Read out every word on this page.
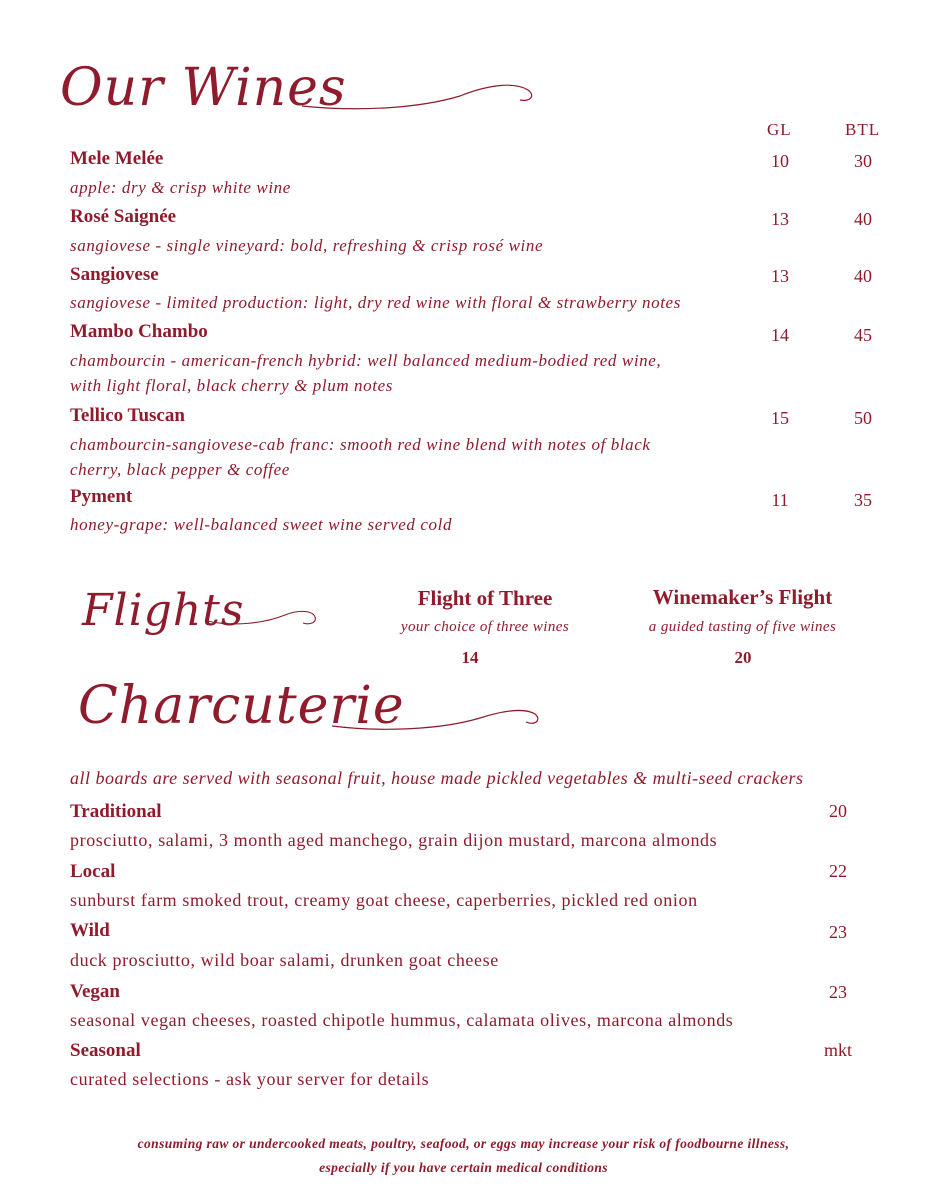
Our Wines
GL	BTL
Mele Melée
apple: dry & crisp white wine
10	30
Rosé Saignée
sangiovese - single vineyard: bold, refreshing & crisp rosé wine
13	40
Sangiovese
sangiovese - limited production: light, dry red wine with floral & strawberry notes
13	40
Mambo Chambo
chambourcin - american-french hybrid: well balanced medium-bodied red wine, with light floral, black cherry & plum notes
14	45
Tellico Tuscan
chambourcin-sangiovese-cab franc: smooth red wine blend with notes of black cherry, black pepper & coffee
15	50
Pyment
honey-grape: well-balanced sweet wine served cold
11	35
Flights	Flight of Three
your choice of three wines
14
Winemaker’s Flight
a guided tasting of five wines
20
Charcuterie
all boards are served with seasonal fruit, house made pickled vegetables & multi-seed crackers
Traditional
prosciutto, salami, 3 month aged manchego, grain dijon mustard, marcona almonds
20
Local
sunburst farm smoked trout, creamy goat cheese, caperberries, pickled red onion
22
Wild
duck prosciutto, wild boar salami, drunken goat cheese
23
Vegan
seasonal vegan cheeses, roasted chipotle hummus, calamata olives, marcona almonds
23
Seasonal
curated selections - ask your server for details
mkt
consuming raw or undercooked meats, poultry, seafood, or eggs may increase your risk of foodbourne illness,
especially if you have certain medical conditions
